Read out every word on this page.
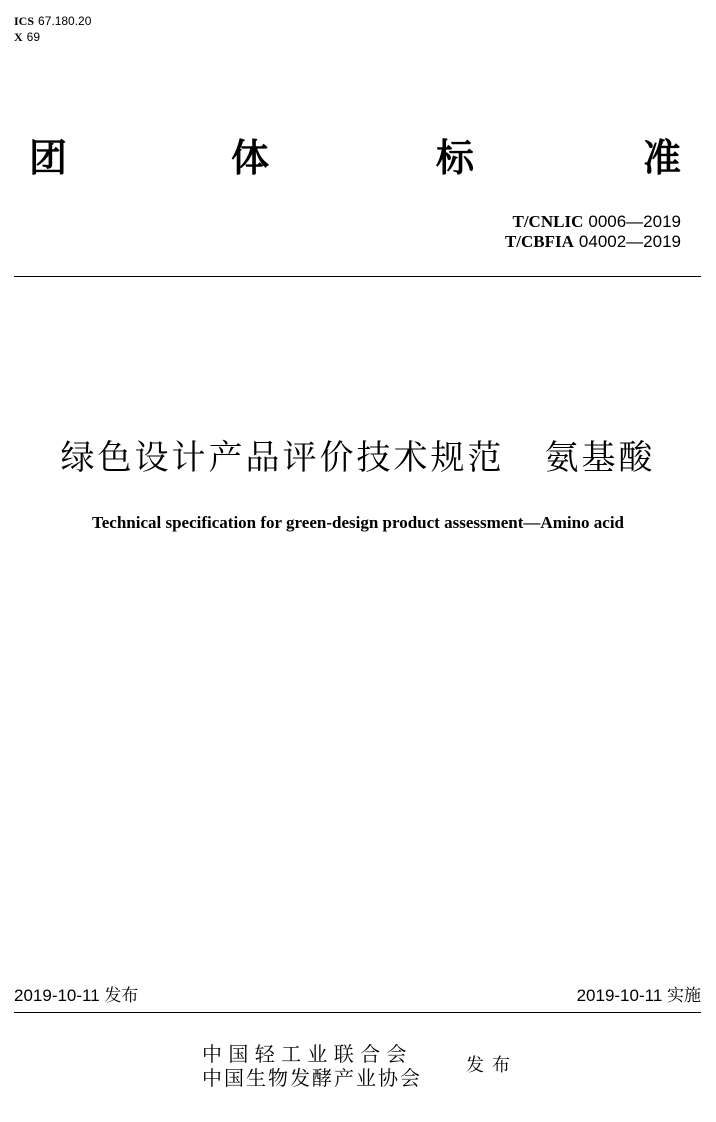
ICS 67.180.20
X 69
团	体	标	准
T/CNLIC 0006—2019
T/CBFIA 04002—2019
绿色设计产品评价技术规范 氨基酸
Technical specification for green-design product assessment—Amino acid
2019-10-11 发布	2019-10-11 实施
中 国 轻 工 业 联 合 会
中国生物发酵产业协会
发布
